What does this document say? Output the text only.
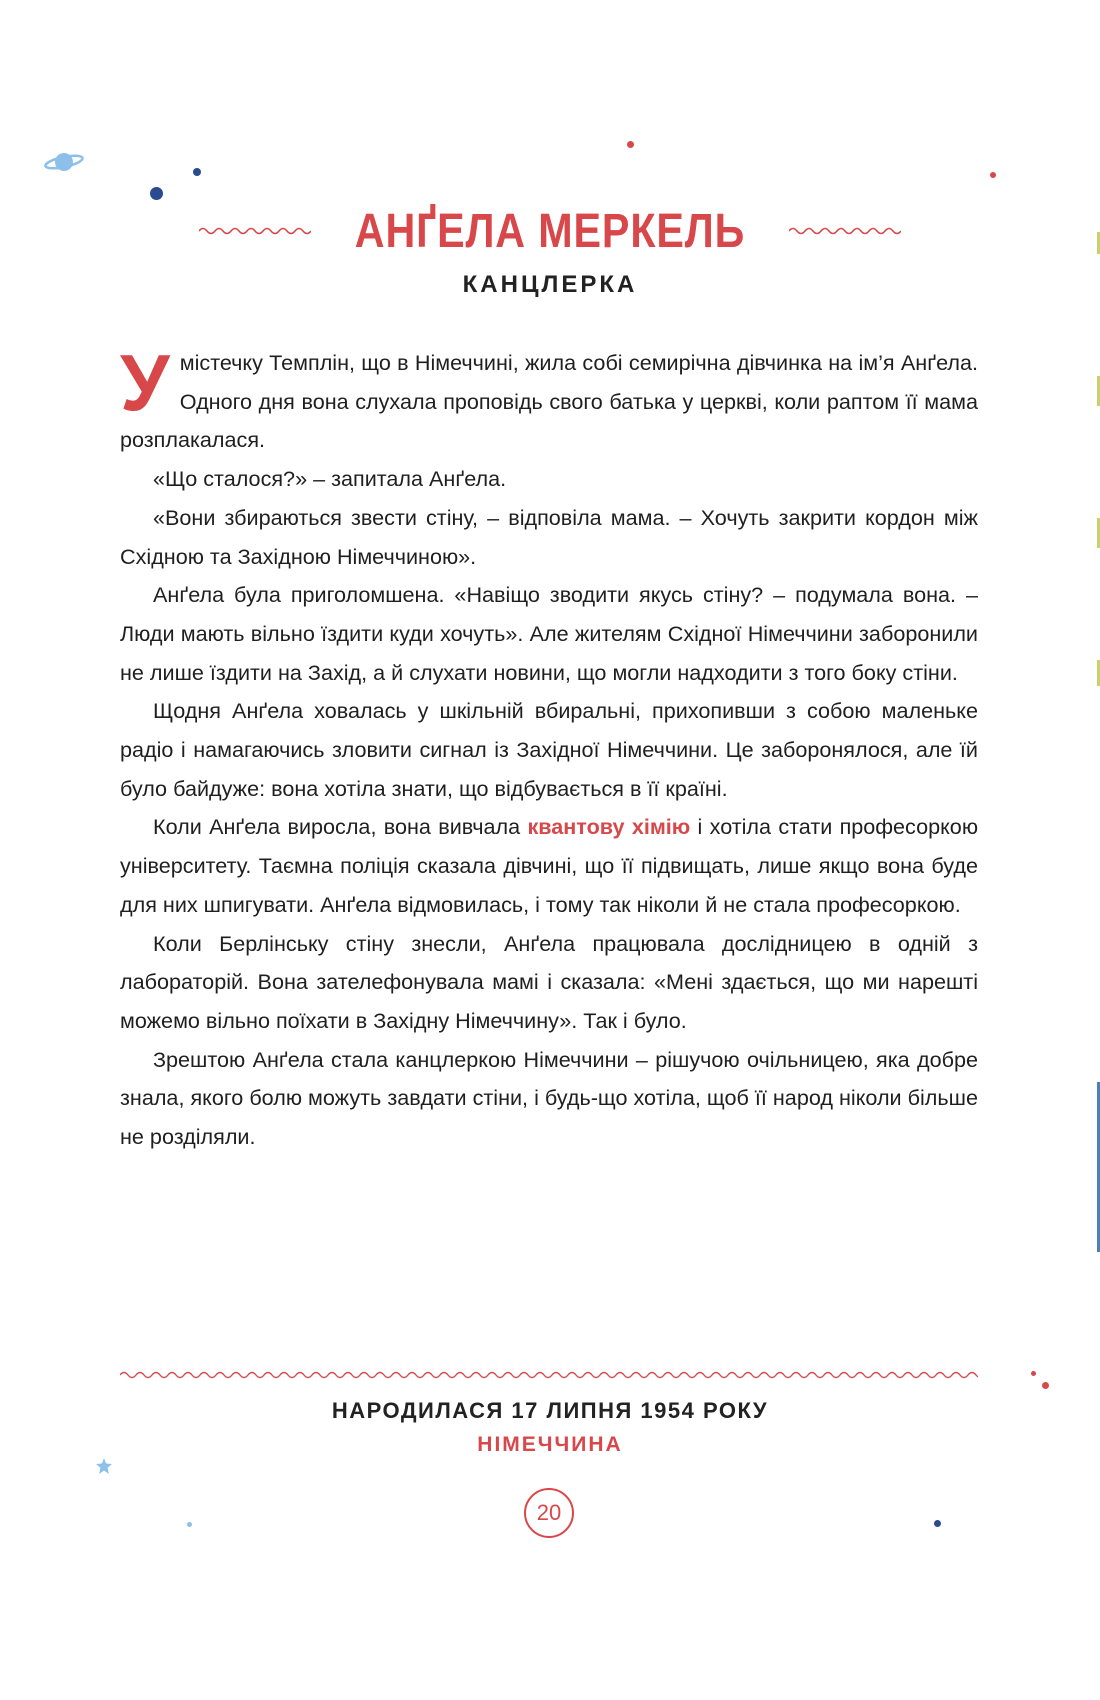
АНҐЕЛА МЕРКЕЛЬ
КАНЦЛЕРКА

У містечку Темплін, що в Німеччині, жила собі семирічна дівчинка на ім’я Анґела. Одного дня вона слухала проповідь свого батька у церкві, коли раптом її мама розплакалася.

«Що сталося?» – запитала Анґела.

«Вони збираються звести стіну, – відповіла мама. – Хочуть закрити кордон між Східною та Західною Німеччиною».

Анґела була приголомшена. «Навіщо зводити якусь стіну? – подумала вона. – Люди мають вільно їздити куди хочуть». Але жителям Східної Німеччини заборонили не лише їздити на Захід, а й слухати новини, що могли надходити з того боку стіни.

Щодня Анґела ховалась у шкільній вбиральні, прихопивши з собою маленьке радіо і намагаючись зловити сигнал із Західної Німеччини. Це заборонялося, але їй було байдуже: вона хотіла знати, що відбувається в її країні.

Коли Анґела виросла, вона вивчала квантову хімію і хотіла стати професоркою університету. Таємна поліція сказала дівчині, що її підвищать, лише якщо вона буде для них шпигувати. Анґела відмовилась, і тому так ніколи й не стала професоркою.

Коли Берлінську стіну знесли, Анґела працювала дослідницею в одній з лабораторій. Вона зателефонувала мамі і сказала: «Мені здається, що ми нарешті можемо вільно поїхати в Західну Німеччину». Так і було.

Зрештою Анґела стала канцлеркою Німеччини – рішучою очільницею, яка добре знала, якого болю можуть завдати стіни, і будь-що хотіла, щоб її народ ніколи більше не розділяли.

НАРОДИЛАСЯ 17 ЛИПНЯ 1954 РОКУ
НІМЕЧЧИНА
20
